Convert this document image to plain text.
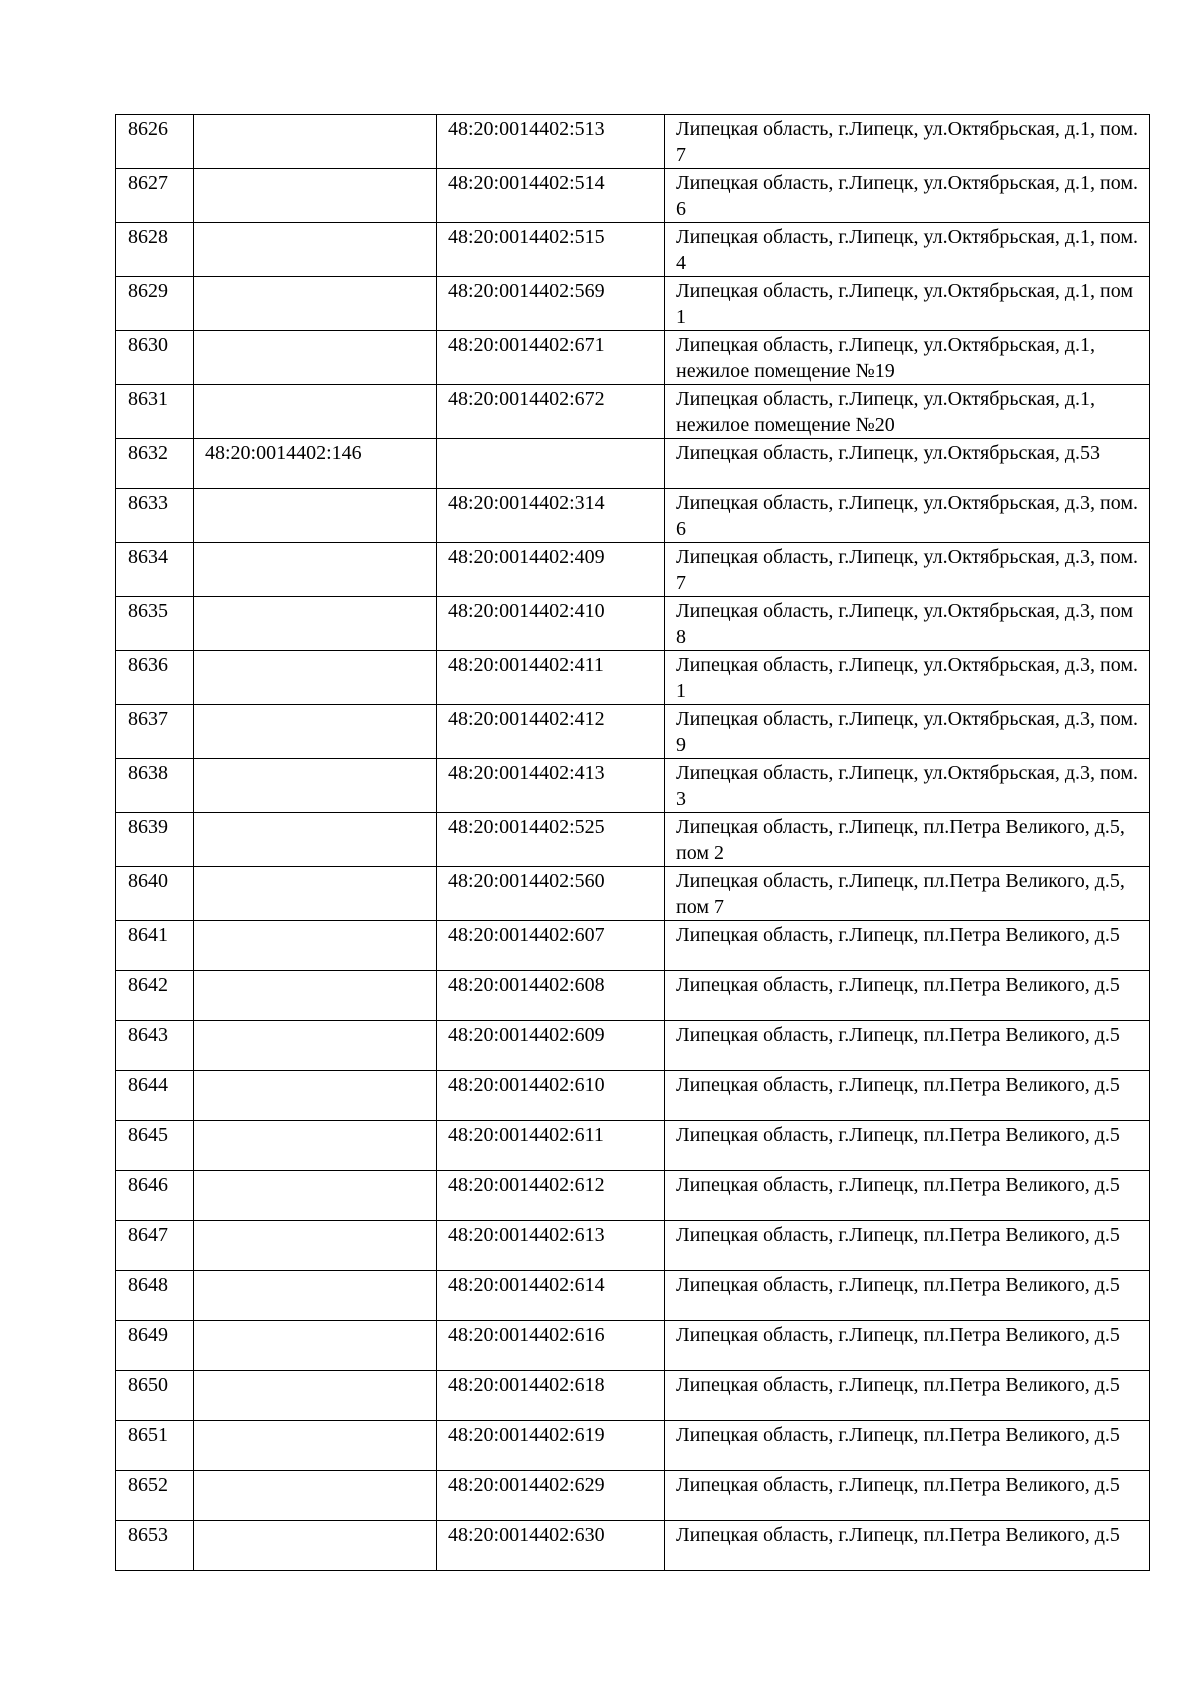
8626		48:20:0014402:513	Липецкая область, г.Липецк, ул.Октябрьская, д.1, пом. 7

8627		48:20:0014402:514	Липецкая область, г.Липецк, ул.Октябрьская, д.1, пом. 6

8628		48:20:0014402:515	Липецкая область, г.Липецк, ул.Октябрьская, д.1, пом. 4

8629		48:20:0014402:569	Липецкая область, г.Липецк, ул.Октябрьская, д.1, пом 1

8630		48:20:0014402:671	Липецкая область, г.Липецк, ул.Октябрьская, д.1, нежилое помещение №19

8631		48:20:0014402:672	Липецкая область, г.Липецк, ул.Октябрьская, д.1, нежилое помещение №20

8632	48:20:0014402:146		Липецкая область, г.Липецк, ул.Октябрьская, д.53

8633		48:20:0014402:314	Липецкая область, г.Липецк, ул.Октябрьская, д.3, пом. 6

8634		48:20:0014402:409	Липецкая область, г.Липецк, ул.Октябрьская, д.3, пом. 7

8635		48:20:0014402:410	Липецкая область, г.Липецк, ул.Октябрьская, д.3, пом 8

8636		48:20:0014402:411	Липецкая область, г.Липецк, ул.Октябрьская, д.3, пом. 1

8637		48:20:0014402:412	Липецкая область, г.Липецк, ул.Октябрьская, д.3, пом. 9

8638		48:20:0014402:413	Липецкая область, г.Липецк, ул.Октябрьская, д.3, пом. 3

8639		48:20:0014402:525	Липецкая область, г.Липецк, пл.Петра Великого, д.5, пом 2

8640		48:20:0014402:560	Липецкая область, г.Липецк, пл.Петра Великого, д.5, пом 7

8641		48:20:0014402:607	Липецкая область, г.Липецк, пл.Петра Великого, д.5

8642		48:20:0014402:608	Липецкая область, г.Липецк, пл.Петра Великого, д.5

8643		48:20:0014402:609	Липецкая область, г.Липецк, пл.Петра Великого, д.5

8644		48:20:0014402:610	Липецкая область, г.Липецк, пл.Петра Великого, д.5

8645		48:20:0014402:611	Липецкая область, г.Липецк, пл.Петра Великого, д.5

8646		48:20:0014402:612	Липецкая область, г.Липецк, пл.Петра Великого, д.5

8647		48:20:0014402:613	Липецкая область, г.Липецк, пл.Петра Великого, д.5

8648		48:20:0014402:614	Липецкая область, г.Липецк, пл.Петра Великого, д.5

8649		48:20:0014402:616	Липецкая область, г.Липецк, пл.Петра Великого, д.5

8650		48:20:0014402:618	Липецкая область, г.Липецк, пл.Петра Великого, д.5

8651		48:20:0014402:619	Липецкая область, г.Липецк, пл.Петра Великого, д.5

8652		48:20:0014402:629	Липецкая область, г.Липецк, пл.Петра Великого, д.5

8653		48:20:0014402:630	Липецкая область, г.Липецк, пл.Петра Великого, д.5
